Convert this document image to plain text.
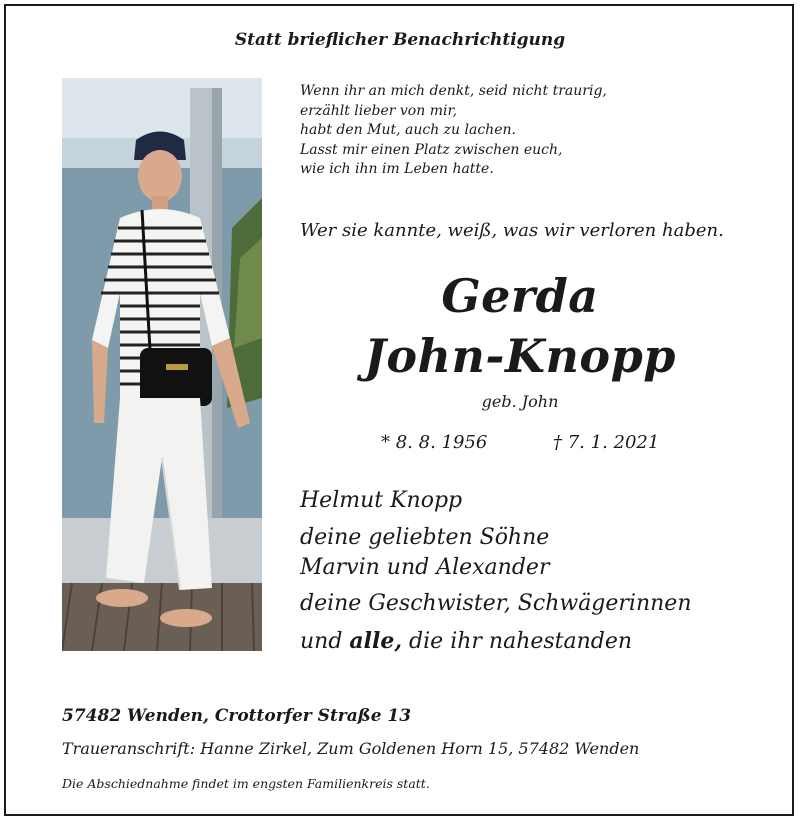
Statt brieflicher Benachrichtigung
Wenn ihr an mich denkt, seid nicht traurig,
erzählt lieber von mir,
habt den Mut, auch zu lachen.
Lasst mir einen Platz zwischen euch,
wie ich ihn im Leben hatte.
Wer sie kannte, weiß, was wir verloren haben.
Gerda
John-Knopp
geb. John
* 8. 8. 1956	† 7. 1. 2021
Helmut Knopp
deine geliebten Söhne
Marvin und Alexander
deine Geschwister, Schwägerinnen
und alle, die ihr nahestanden
57482 Wenden, Crottorfer Straße 13
Traueranschrift: Hanne Zirkel, Zum Goldenen Horn 15, 57482 Wenden
Die Abschiednahme findet im engsten Familienkreis statt.
